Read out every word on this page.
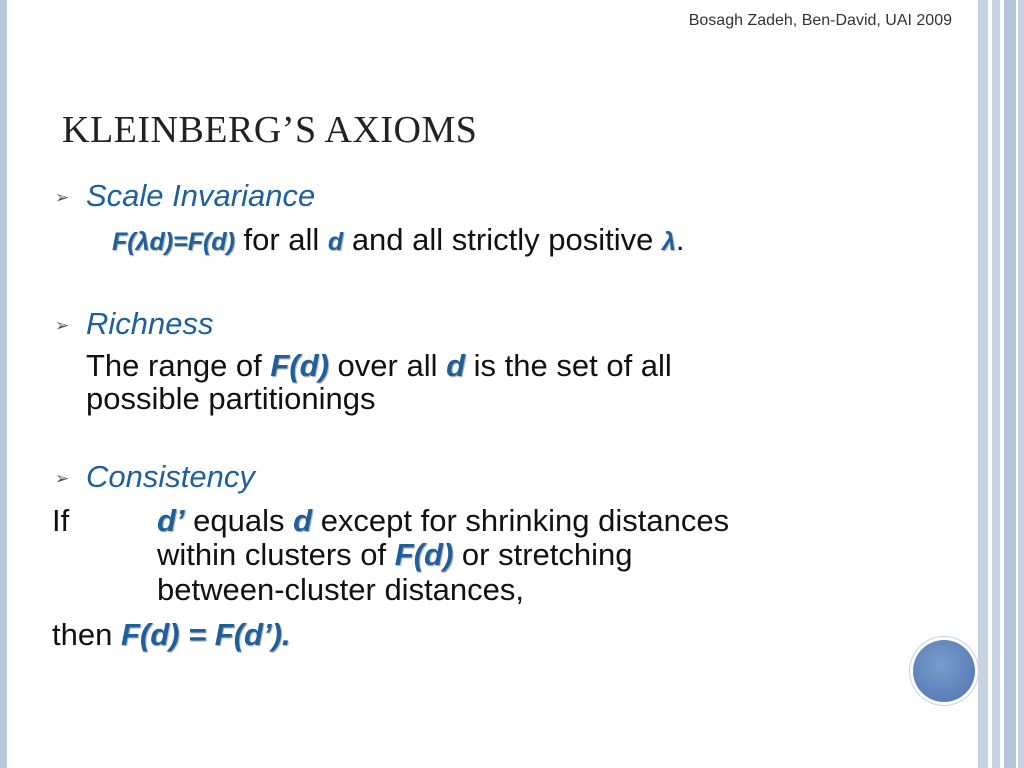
Bosagh Zadeh, Ben-David, UAI 2009
KLEINBERG’S AXIOMS
➢ Scale Invariance
F(λd)=F(d) for all d and all strictly positive λ.
➢ Richness
The range of F(d) over all d is the set of all
possible partitionings
➢ Consistency
If	d’ equals d except for shrinking distances
within clusters of F(d) or stretching
between-cluster distances,
then F(d) = F(d’).
